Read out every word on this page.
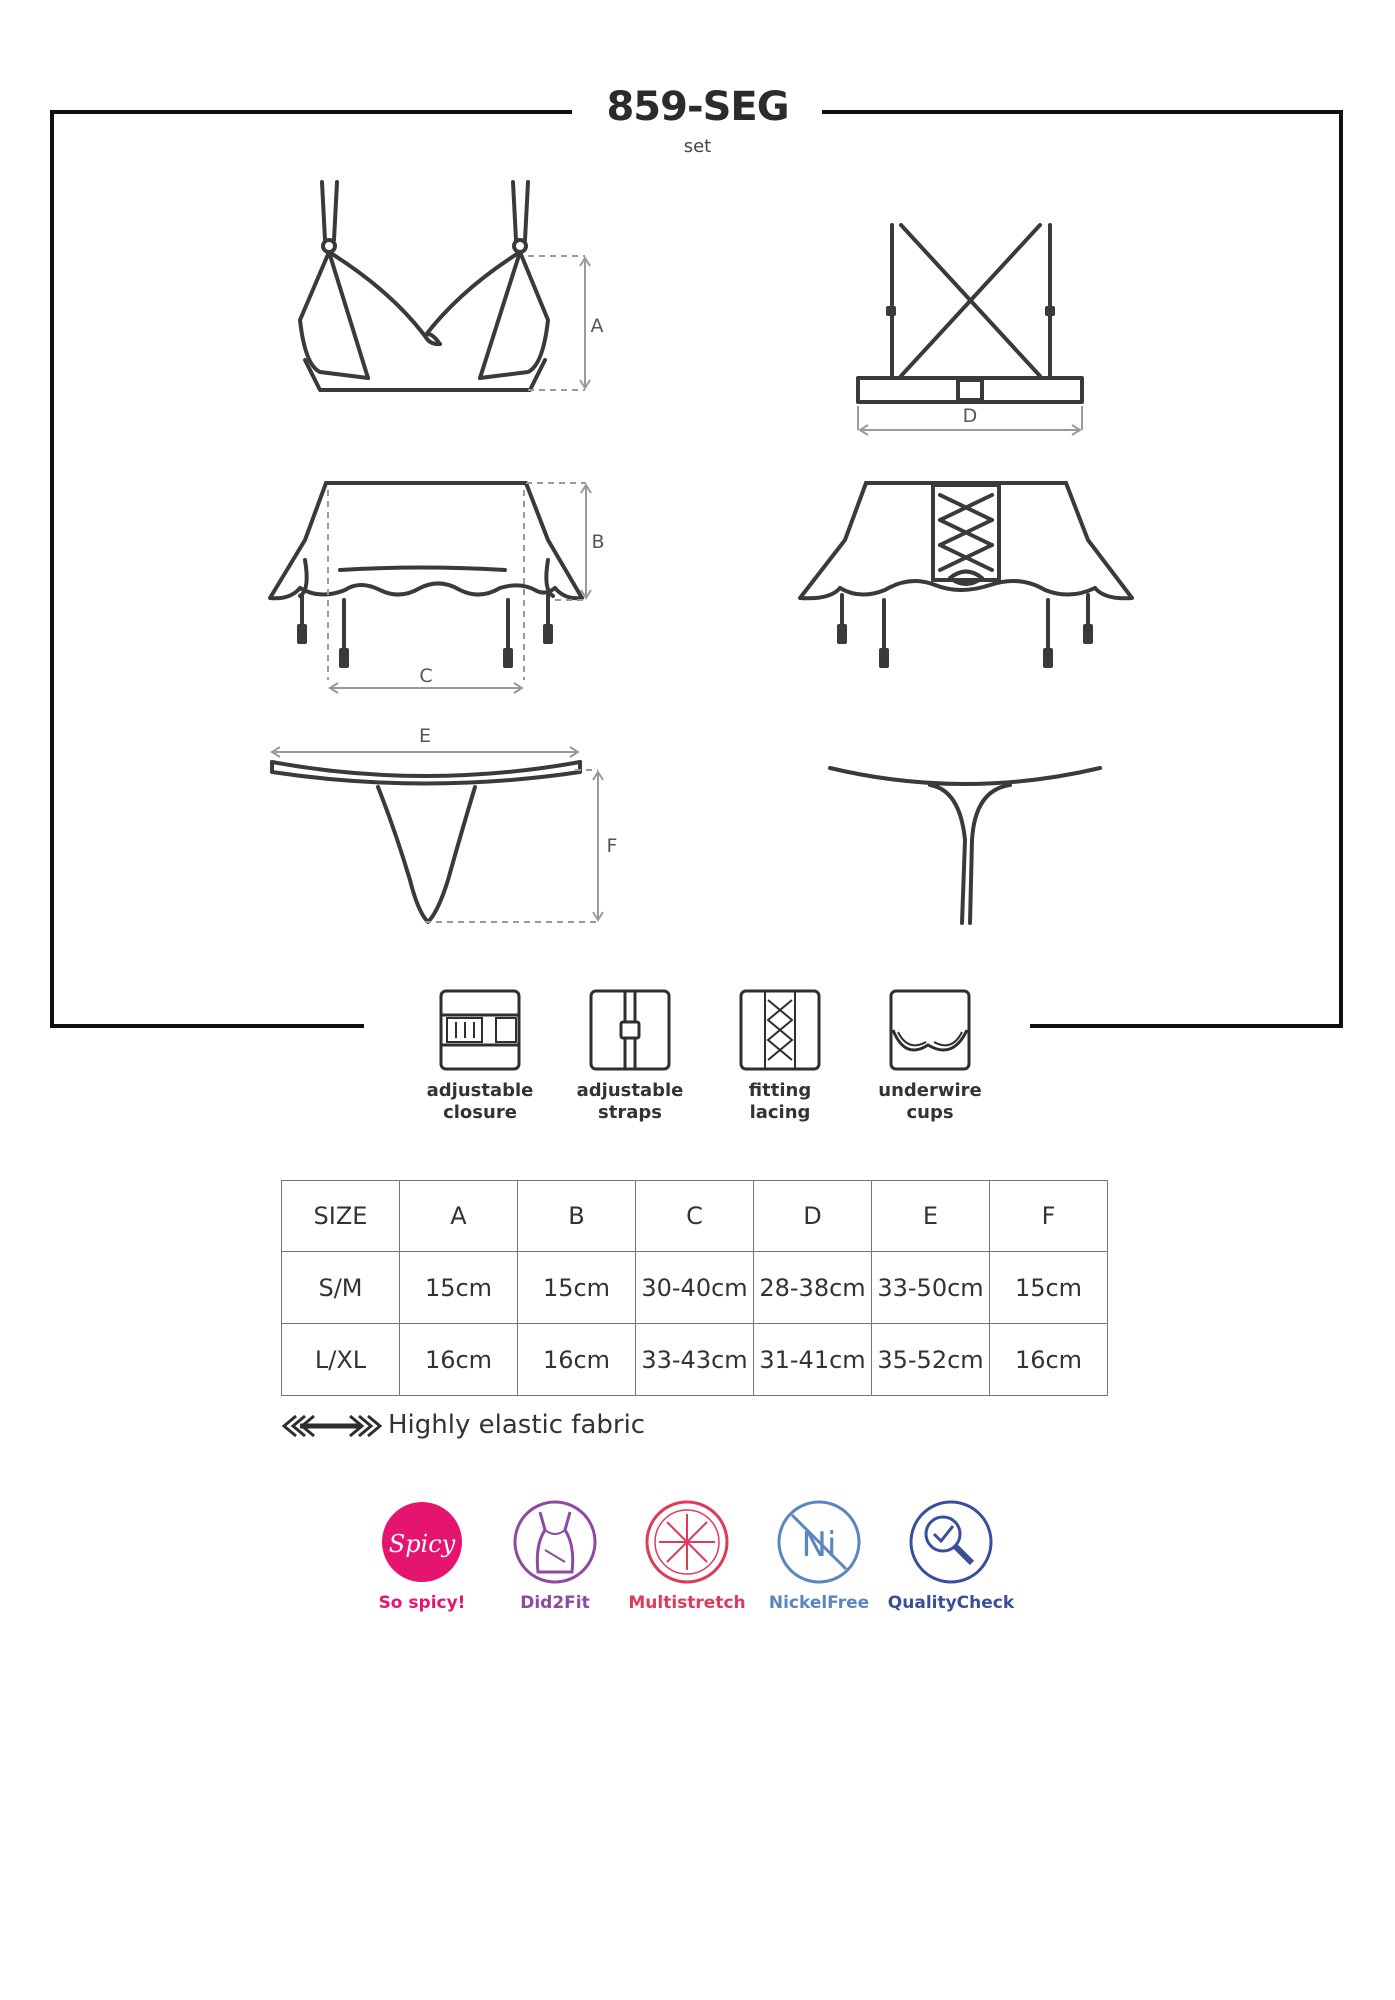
859-SEG
set
A
B
C
D
E
F
Spicy	Ni
adjustable
closure
adjustable
straps
fitting
lacing
underwire
cups
SIZE	A	B	C	D	E	F
S/M	15cm	15cm	30-40cm	28-38cm	33-50cm	15cm
L/XL	16cm	16cm	33-43cm	31-41cm	35-52cm	16cm
Highly elastic fabric
So spicy!	Did2Fit	Multistretch	NickelFree	QualityCheck
